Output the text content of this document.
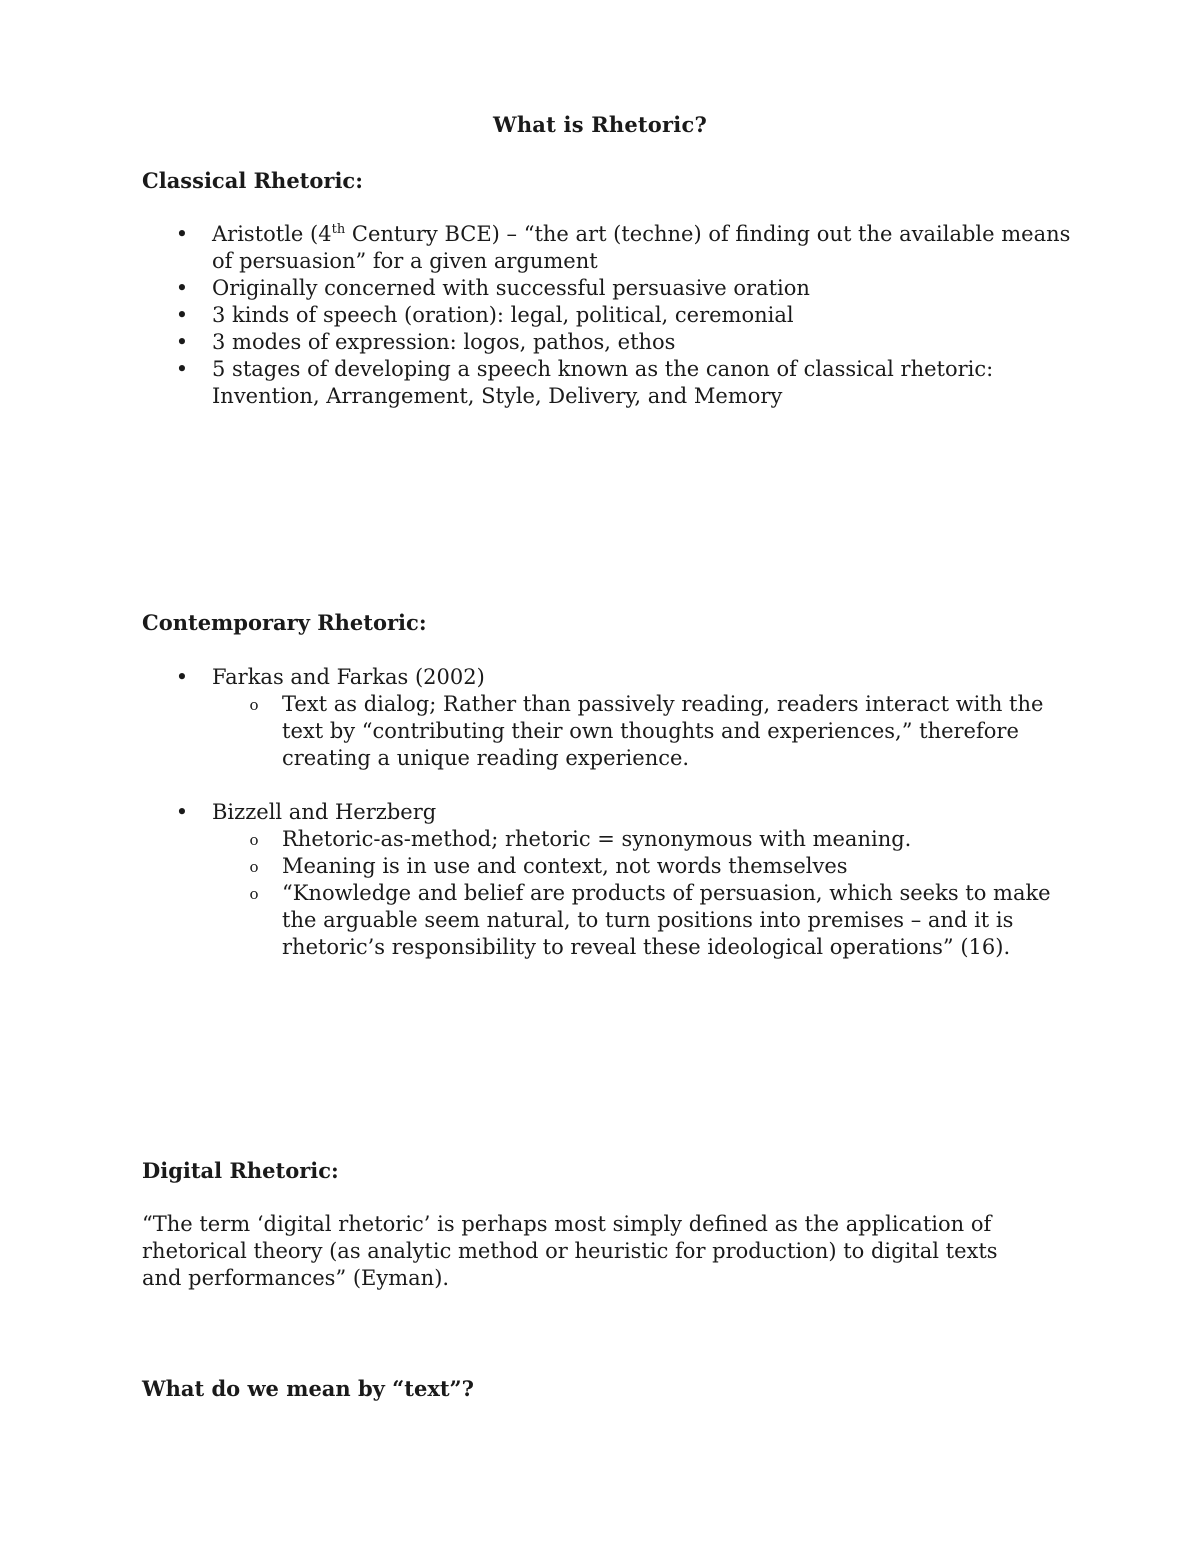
What is Rhetoric?
Classical Rhetoric:
• Aristotle (4th Century BCE) – “the art (techne) of finding out the available means of persuasion” for a given argument
• Originally concerned with successful persuasive oration
• 3 kinds of speech (oration): legal, political, ceremonial
• 3 modes of expression: logos, pathos, ethos
• 5 stages of developing a speech known as the canon of classical rhetoric: Invention, Arrangement, Style, Delivery, and Memory
Contemporary Rhetoric:
• Farkas and Farkas (2002)
o Text as dialog; Rather than passively reading, readers interact with the text by “contributing their own thoughts and experiences,” therefore creating a unique reading experience.
• Bizzell and Herzberg
o Rhetoric-as-method; rhetoric = synonymous with meaning.
o Meaning is in use and context, not words themselves
o “Knowledge and belief are products of persuasion, which seeks to make the arguable seem natural, to turn positions into premises – and it is rhetoric’s responsibility to reveal these ideological operations” (16).
Digital Rhetoric:

“The term ‘digital rhetoric’ is perhaps most simply defined as the application of rhetorical theory (as analytic method or heuristic for production) to digital texts and performances” (Eyman).

What do we mean by “text”?
